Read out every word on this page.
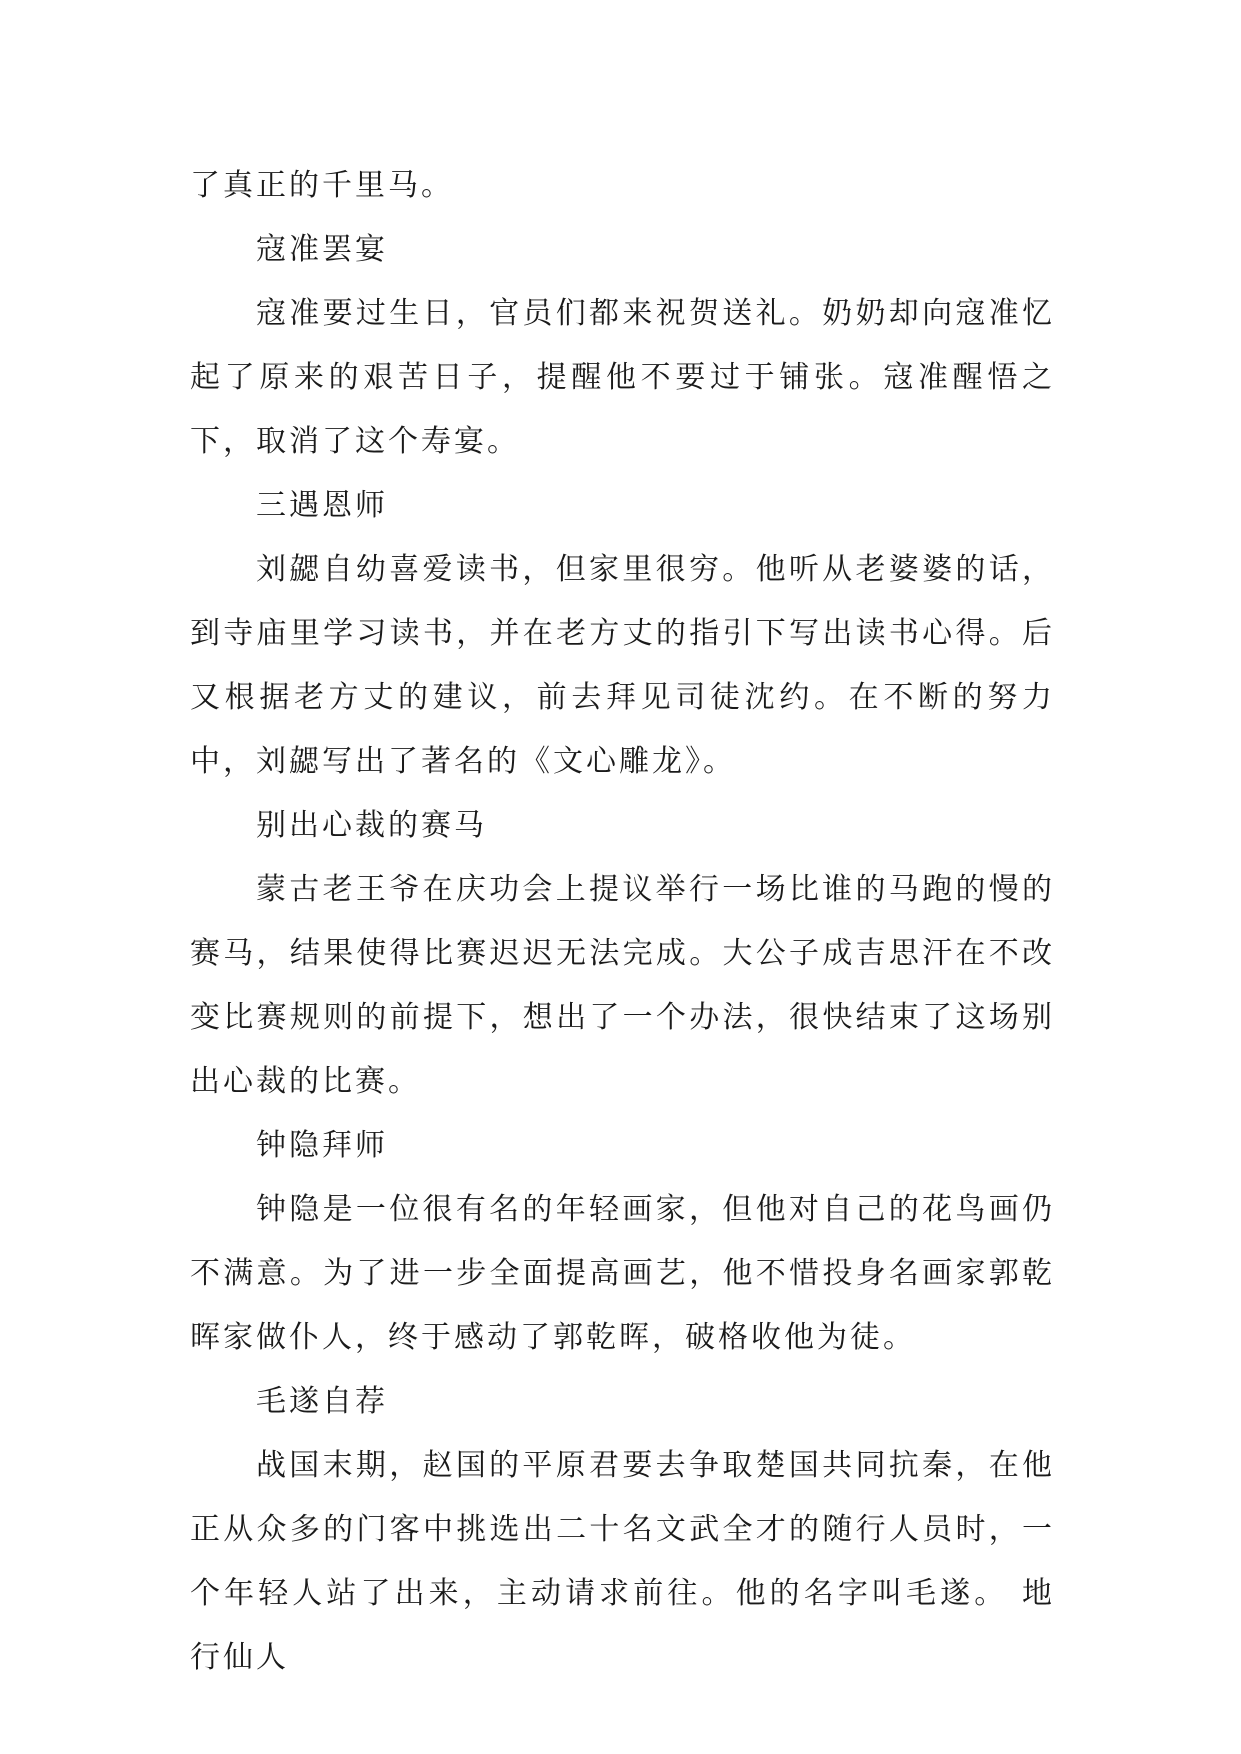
了真正的千里马。

寇准罢宴

寇准要过生日，官员们都来祝贺送礼。奶奶却向寇准忆起了原来的艰苦日子，提醒他不要过于铺张。寇准醒悟之下，取消了这个寿宴。

三遇恩师

刘勰自幼喜爱读书，但家里很穷。他听从老婆婆的话，到寺庙里学习读书，并在老方丈的指引下写出读书心得。后又根据老方丈的建议，前去拜见司徒沈约。在不断的努力中，刘勰写出了著名的《文心雕龙》。

别出心裁的赛马

蒙古老王爷在庆功会上提议举行一场比谁的马跑的慢的赛马，结果使得比赛迟迟无法完成。大公子成吉思汗在不改变比赛规则的前提下，想出了一个办法，很快结束了这场别出心裁的比赛。

钟隐拜师

钟隐是一位很有名的年轻画家，但他对自己的花鸟画仍不满意。为了进一步全面提高画艺，他不惜投身名画家郭乾晖家做仆人，终于感动了郭乾晖，破格收他为徒。

毛遂自荐

战国末期，赵国的平原君要去争取楚国共同抗秦，在他正从众多的门客中挑选出二十名文武全才的随行人员时，一个年轻人站了出来，主动请求前往。他的名字叫毛遂。 地行仙人
